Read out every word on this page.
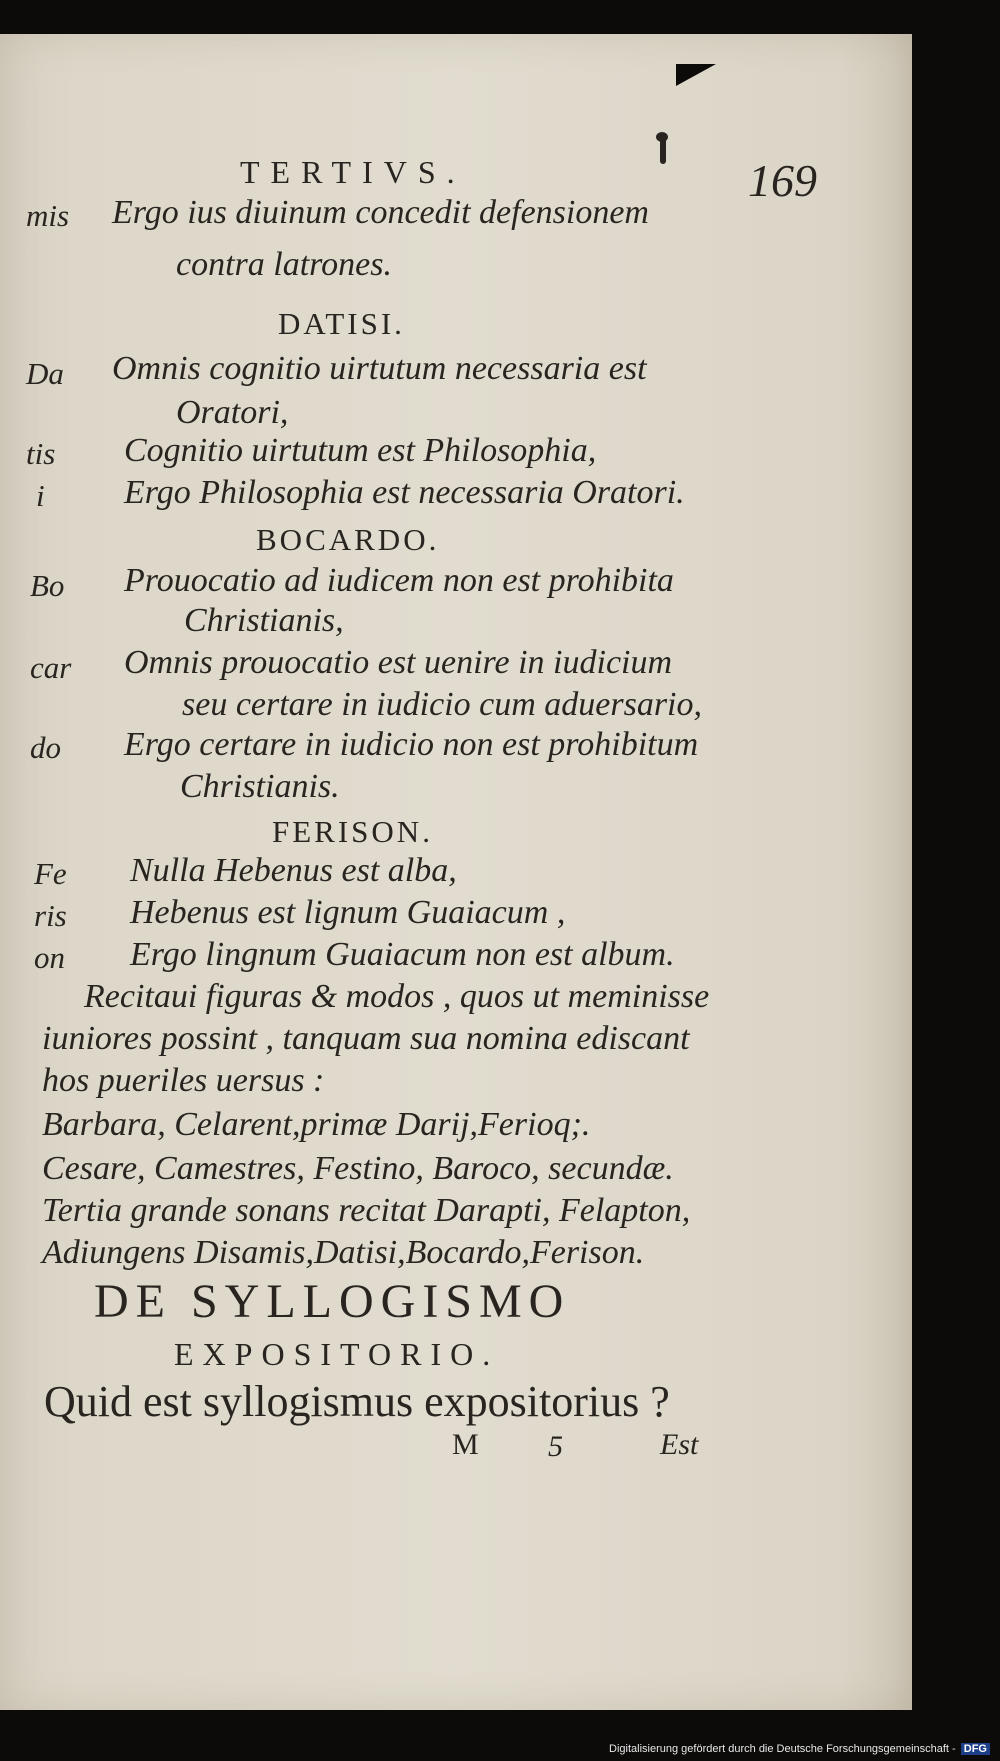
TERTIVS.	169
mis Ergo ius diuinum concedit defensionem
contra latrones.
DATISI.
Da Omnis cognitio uirtutum necessaria est
Oratori,
tis Cognitio uirtutum est Philosophia,
i Ergo Philosophia est necessaria Oratori.
BOCARDO.
Bo Prouocatio ad iudicem non est prohibita
Christianis,
car Omnis prouocatio est uenire in iudicium
seu certare in iudicio cum aduersario,
do Ergo certare in iudicio non est prohibitum
Christianis.
FERISON.
Fe Nulla Hebenus est alba,
ris Hebenus est lignum Guaiacum ,
on Ergo lingnum Guaiacum non est album.
Recitaui figuras & modos , quos ut meminisse
iuniores possint , tanquam sua nomina ediscant
hos pueriles uersus :
Barbara, Celarent,primæ Darij,Ferioq;.
Cesare, Camestres, Festino, Baroco, secundæ.
Tertia grande sonans recitat Darapti, Felapton,
Adiungens Disamis,Datisi,Bocardo,Ferison.
DE SYLLOGISMO
EXPOSITORIO.
Quid est syllogismus expositorius ?
M 5	Est
Digitalisierung gefördert durch die Deutsche Forschungsgemeinschaft - DFG
